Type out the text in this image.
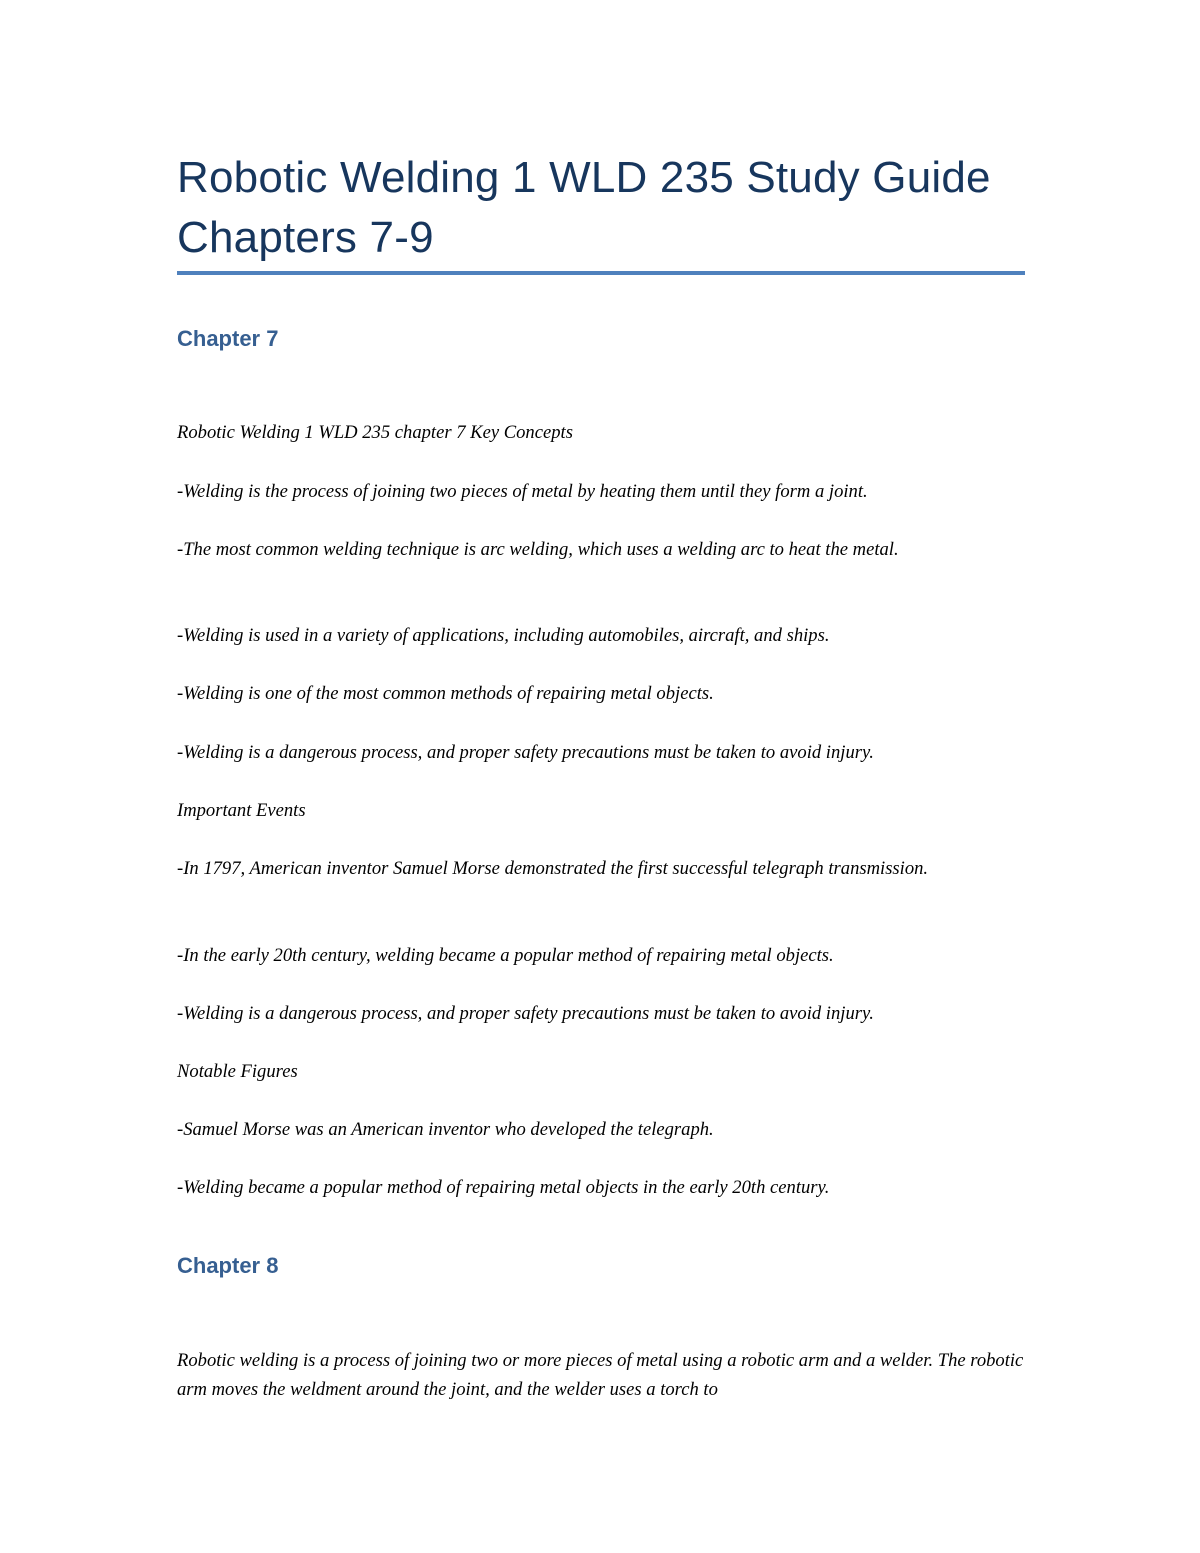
Robotic Welding 1 WLD 235 Study Guide Chapters 7-9
Chapter 7

Robotic Welding 1 WLD 235 chapter 7 Key Concepts

-Welding is the process of joining two pieces of metal by heating them until they form a joint.

-The most common welding technique is arc welding, which uses a welding arc to heat the metal.

-Welding is used in a variety of applications, including automobiles, aircraft, and ships.

-Welding is one of the most common methods of repairing metal objects.

-Welding is a dangerous process, and proper safety precautions must be taken to avoid injury.

Important Events

-In 1797, American inventor Samuel Morse demonstrated the first successful telegraph transmission.

-In the early 20th century, welding became a popular method of repairing metal objects.

-Welding is a dangerous process, and proper safety precautions must be taken to avoid injury.

Notable Figures

-Samuel Morse was an American inventor who developed the telegraph.

-Welding became a popular method of repairing metal objects in the early 20th century.

Chapter 8

Robotic welding is a process of joining two or more pieces of metal using a robotic arm and a welder. The robotic arm moves the weldment around the joint, and the welder uses a torch to
